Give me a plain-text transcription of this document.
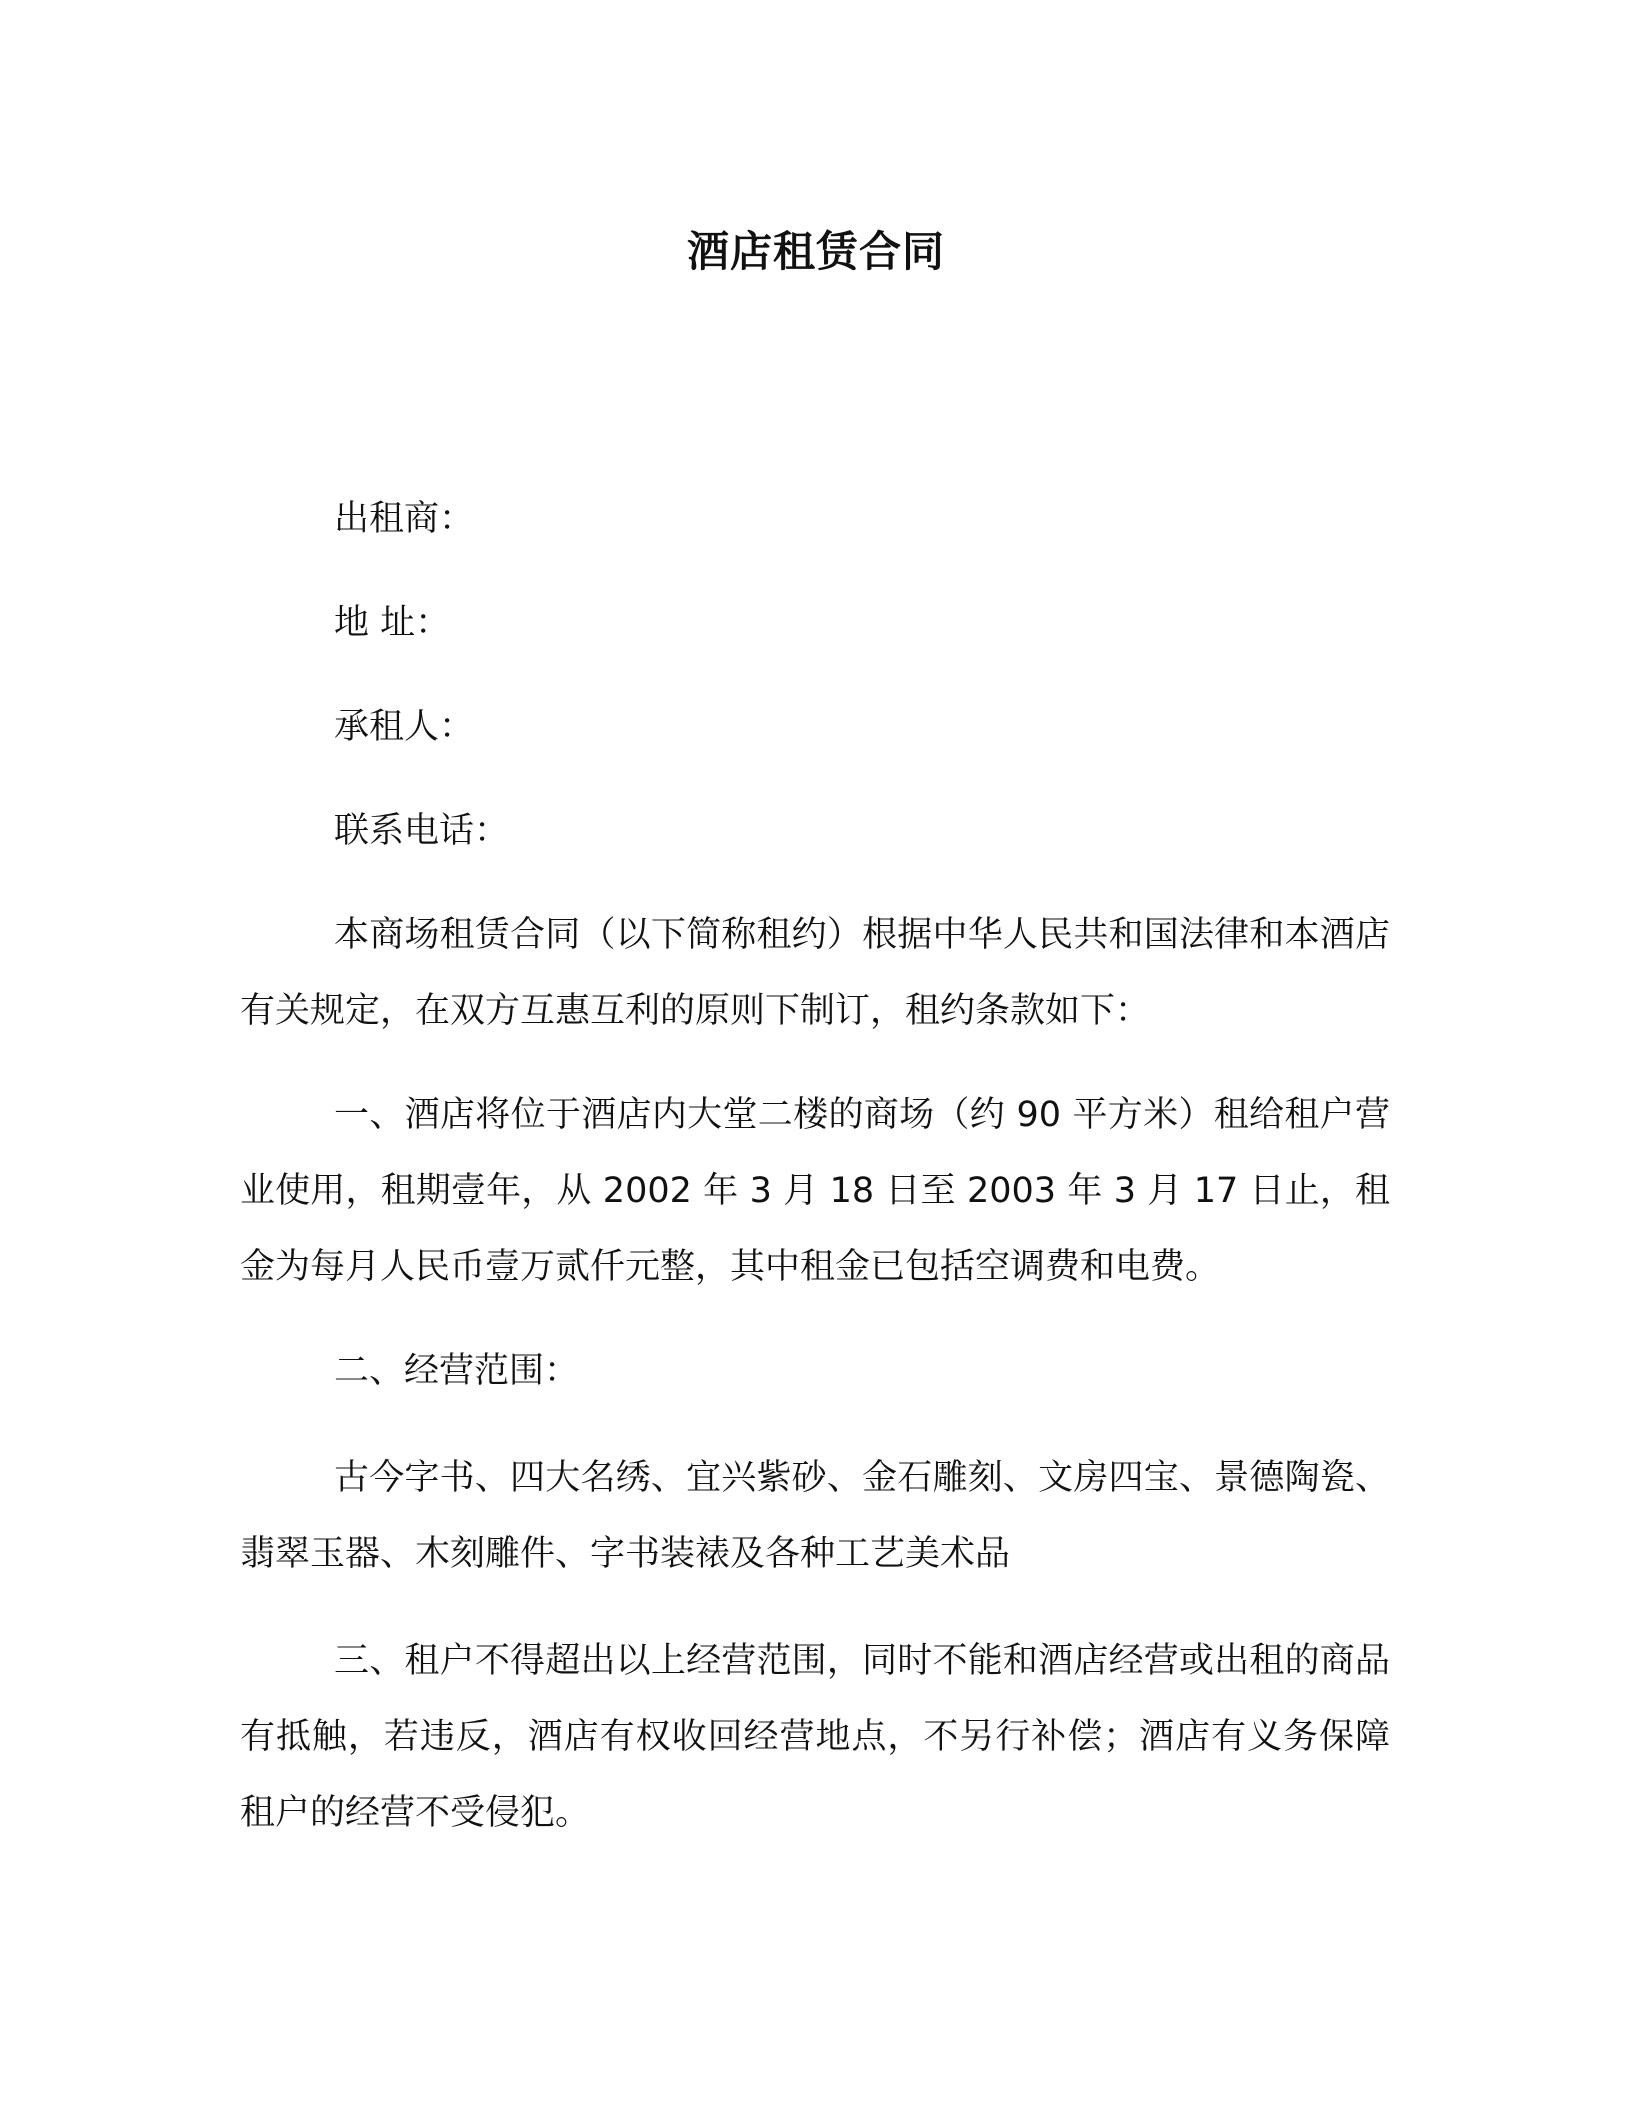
酒店租赁合同
出租商：
地 址：
承租人：
联系电话：
本商场租赁合同（以下简称租约）根据中华人民共和国法律和本酒店有关规定，在双方互惠互利的原则下制订，租约条款如下：
一、酒店将位于酒店内大堂二楼的商场（约 90 平方米）租给租户营业使用，租期壹年，从 2002 年 3 月 18 日至 2003 年 3 月 17 日止，租金为每月人民币壹万贰仟元整，其中租金已包括空调费和电费。
二、经营范围：
古今字书、四大名绣、宜兴紫砂、金石雕刻、文房四宝、景德陶瓷、翡翠玉器、木刻雕件、字书装裱及各种工艺美术品
三、租户不得超出以上经营范围，同时不能和酒店经营或出租的商品有抵触，若违反，酒店有权收回经营地点，不另行补偿；酒店有义务保障租户的经营不受侵犯。
